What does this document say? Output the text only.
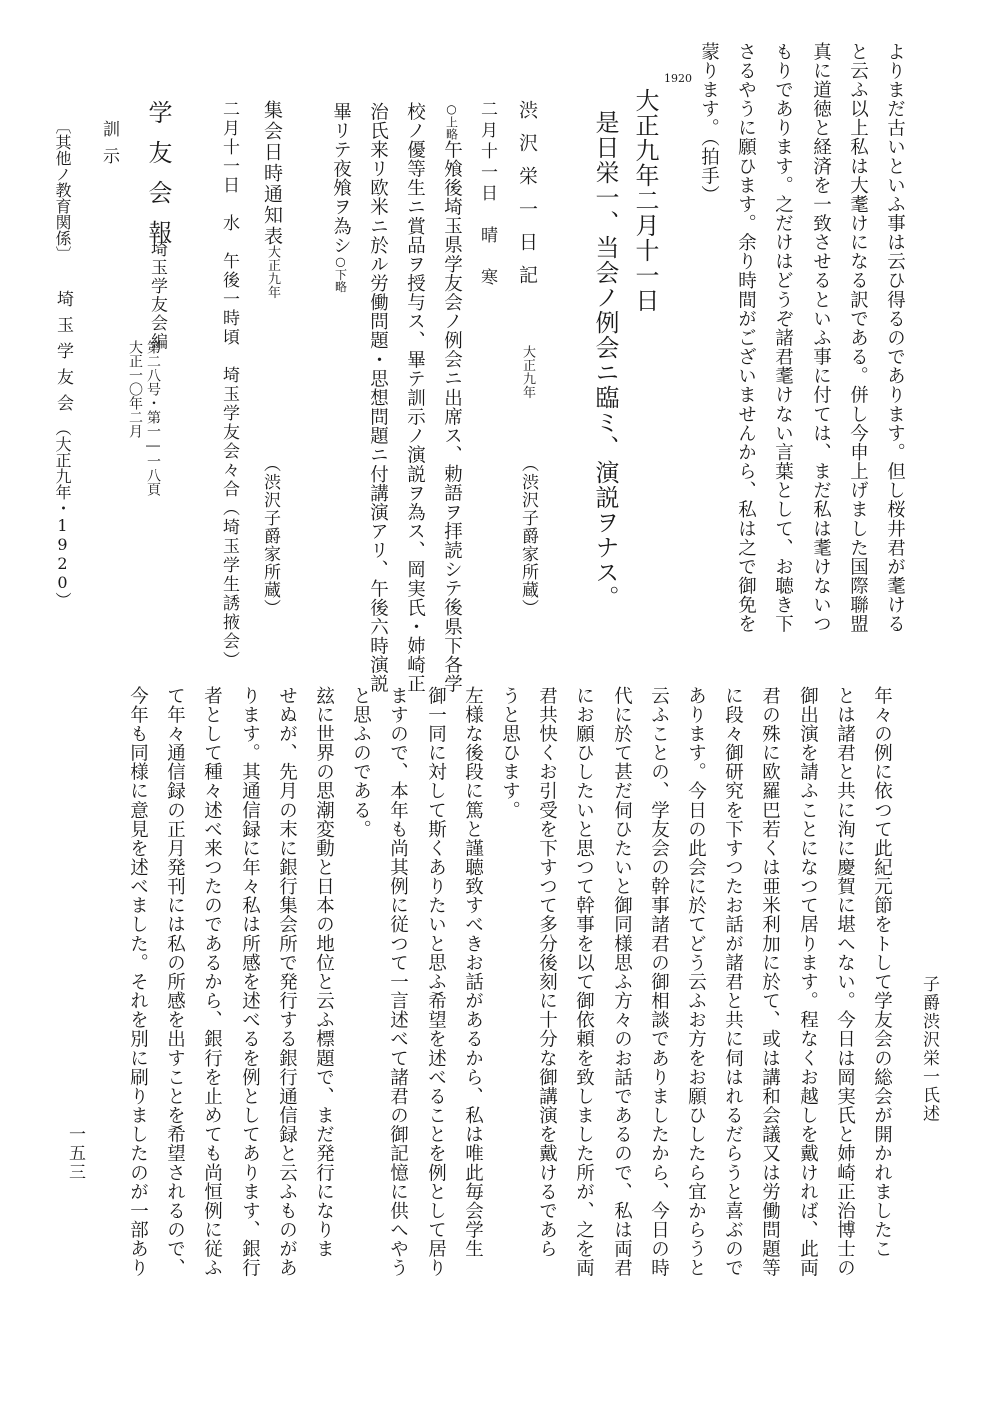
子爵渋沢栄一氏述
年々の例に依つて此紀元節をトして学友会の総会が開かれましたこ
とは諸君と共に洵に慶賀に堪へない。今日は岡実氏と姉崎正治博士の
御出演を請ふことになつて居ります。程なくお越しを戴ければ、此両
君の殊に欧羅巴若くは亜米利加に於て、或は講和会議又は労働問題等
に段々御研究を下すつたお話が諸君と共に伺はれるだらうと喜ぶので
あります。今日の此会に於てどう云ふお方をお願ひしたら宜からうと
云ふことの、学友会の幹事諸君の御相談でありましたから、今日の時
代に於て甚だ伺ひたいと御同様思ふ方々のお話であるので、私は両君
にお願ひしたいと思つて幹事を以て御依頼を致しました所が、之を両
君共快くお引受を下すつて多分後刻に十分な御講演を戴けるであら
うと思ひます。
左様な後段に篤と謹聴致すべきお話があるから、私は唯此毎会学生
御一同に対して斯くありたいと思ふ希望を述べることを例として居り
ますので、本年も尚其例に従つて一言述べて諸君の御記憶に供へやう
と思ふのである。
玆に世界の思潮変動と日本の地位と云ふ標題で、まだ発行になりま
せぬが、先月の末に銀行集会所で発行する銀行通信録と云ふものがあ
ります。其通信録に年々私は所感を述べるを例としてあります、銀行
者として種々述べ来つたのであるから、銀行を止めても尚恒例に従ふ
て年々通信録の正月発刊には私の所感を出すことを希望されるので、
今年も同様に意見を述べました。それを別に刷りましたのが一部あり
よりまだ古いといふ事は云ひ得るのであります。但し桜井君が耄ける
と云ふ以上私は大耄けになる訳である。併し今申上げました国際聯盟
真に道徳と経済を一致させるといふ事に付ては、まだ私は耄けないつ
もりであります。之だけはどうぞ諸君耄けない言葉として、お聴き下
さるやうに願ひます。余り時間がございませんから、私は之で御免を
蒙ります。（拍手）
1920
大正九年二月十一日
是日栄一、当会ノ例会ニ臨ミ、演説ヲナス。
渋沢栄一日記 大正九年
（渋沢子爵家所蔵）
二月十一日　晴　寒
○上略午飧後埼玉県学友会ノ例会ニ出席ス、勅語ヲ拝読シテ後県下各学
校ノ優等生ニ賞品ヲ授与ス、畢テ訓示ノ演説ヲ為ス、岡実氏・姉崎正
治氏来リ欧米ニ於ル労働問題・思想問題ニ付講演アリ、午後六時演説
畢リテ夜飧ヲ為シ○下略
集会日時通知表
大正九年
（渋沢子爵家所蔵）
二月十一日　水　午後一時頃　埼玉学友会々合（埼玉学生誘掖会）
学友会報
埼玉学友会編
第二八号・第一―一八頁
大正一〇年二月
訓示
〔其他ノ教育関係〕
埼玉学友会
（大正九年・1920）
一五三
